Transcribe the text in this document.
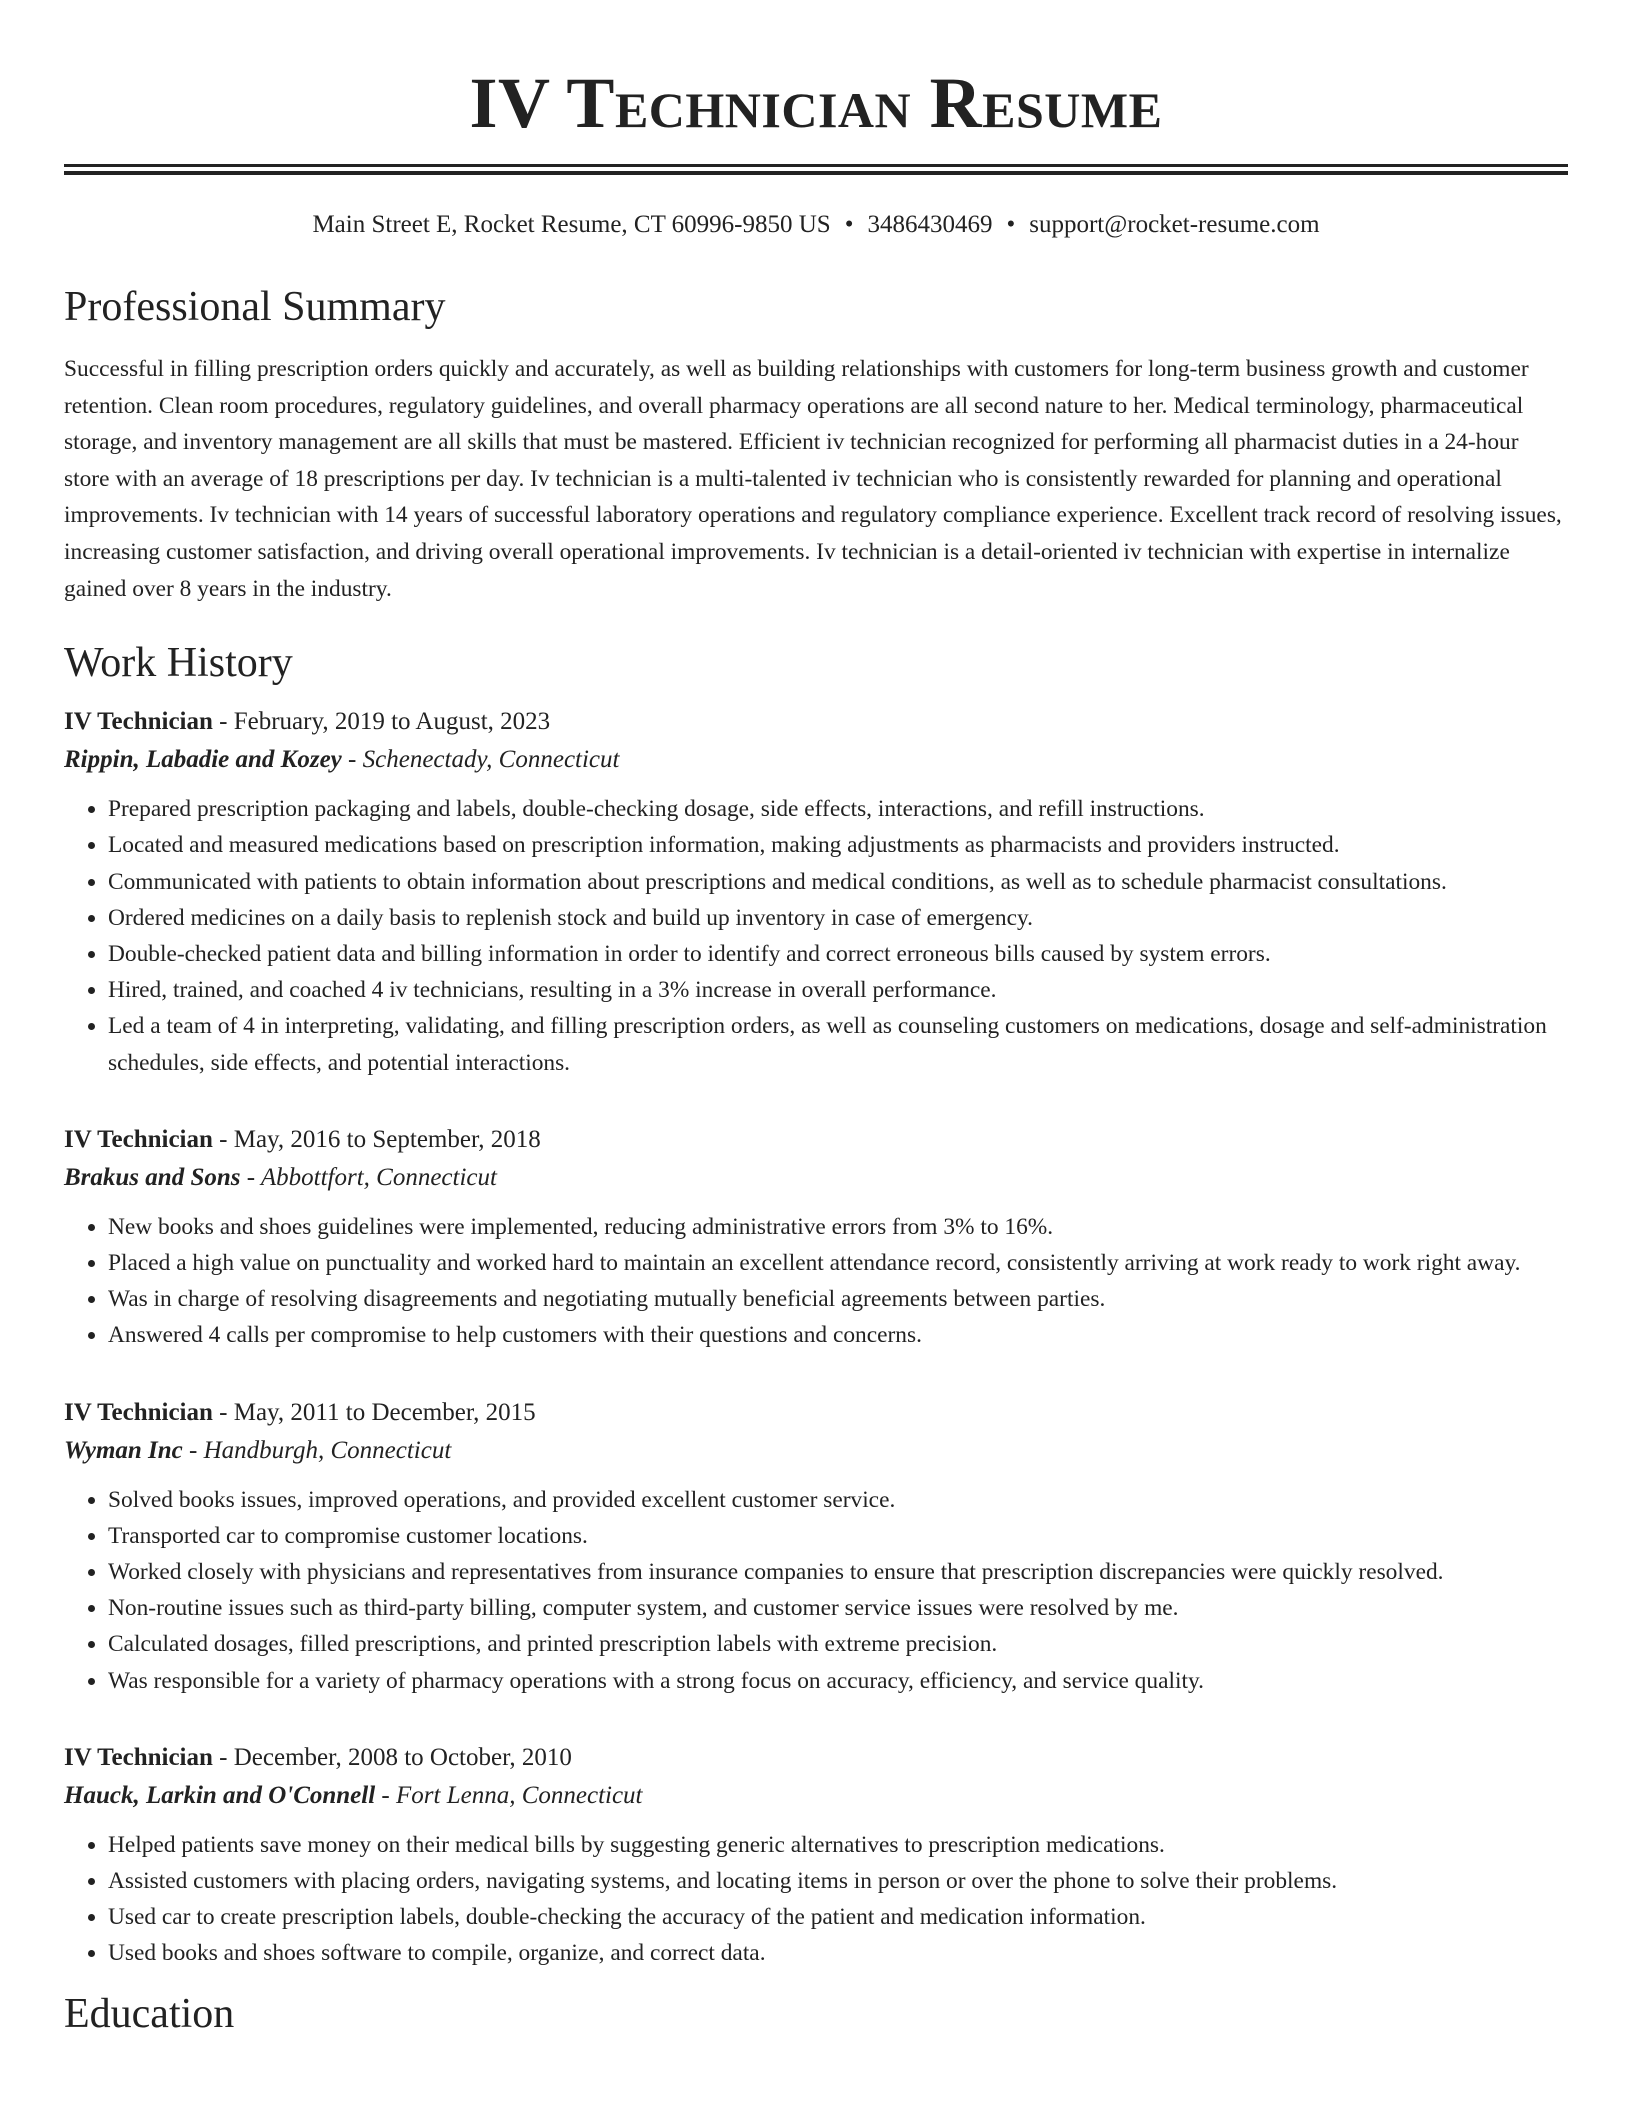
IV Technician Resume
Main Street E, Rocket Resume, CT 60996-9850 US • 3486430469 • support@rocket-resume.com
Professional Summary

Successful in filling prescription orders quickly and accurately, as well as building relationships with customers for long-term business growth and customer retention. Clean room procedures, regulatory guidelines, and overall pharmacy operations are all second nature to her. Medical terminology, pharmaceutical storage, and inventory management are all skills that must be mastered. Efficient iv technician recognized for performing all pharmacist duties in a 24-hour store with an average of 18 prescriptions per day. Iv technician is a multi-talented iv technician who is consistently rewarded for planning and operational improvements. Iv technician with 14 years of successful laboratory operations and regulatory compliance experience. Excellent track record of resolving issues, increasing customer satisfaction, and driving overall operational improvements. Iv technician is a detail-oriented iv technician with expertise in internalize gained over 8 years in the industry.

Work History
IV Technician - February, 2019 to August, 2023
Rippin, Labadie and Kozey - Schenectady, Connecticut
• Prepared prescription packaging and labels, double-checking dosage, side effects, interactions, and refill instructions.
• Located and measured medications based on prescription information, making adjustments as pharmacists and providers instructed.
• Communicated with patients to obtain information about prescriptions and medical conditions, as well as to schedule pharmacist consultations.
• Ordered medicines on a daily basis to replenish stock and build up inventory in case of emergency.
• Double-checked patient data and billing information in order to identify and correct erroneous bills caused by system errors.
• Hired, trained, and coached 4 iv technicians, resulting in a 3% increase in overall performance.
• Led a team of 4 in interpreting, validating, and filling prescription orders, as well as counseling customers on medications, dosage and self-administration schedules, side effects, and potential interactions.
IV Technician - May, 2016 to September, 2018
Brakus and Sons - Abbottfort, Connecticut
• New books and shoes guidelines were implemented, reducing administrative errors from 3% to 16%.
• Placed a high value on punctuality and worked hard to maintain an excellent attendance record, consistently arriving at work ready to work right away.
• Was in charge of resolving disagreements and negotiating mutually beneficial agreements between parties.
• Answered 4 calls per compromise to help customers with their questions and concerns.
IV Technician - May, 2011 to December, 2015
Wyman Inc - Handburgh, Connecticut
• Solved books issues, improved operations, and provided excellent customer service.
• Transported car to compromise customer locations.
• Worked closely with physicians and representatives from insurance companies to ensure that prescription discrepancies were quickly resolved.
• Non-routine issues such as third-party billing, computer system, and customer service issues were resolved by me.
• Calculated dosages, filled prescriptions, and printed prescription labels with extreme precision.
• Was responsible for a variety of pharmacy operations with a strong focus on accuracy, efficiency, and service quality.
IV Technician - December, 2008 to October, 2010
Hauck, Larkin and O'Connell - Fort Lenna, Connecticut
• Helped patients save money on their medical bills by suggesting generic alternatives to prescription medications.
• Assisted customers with placing orders, navigating systems, and locating items in person or over the phone to solve their problems.
• Used car to create prescription labels, double-checking the accuracy of the patient and medication information.
• Used books and shoes software to compile, organize, and correct data.
Education
